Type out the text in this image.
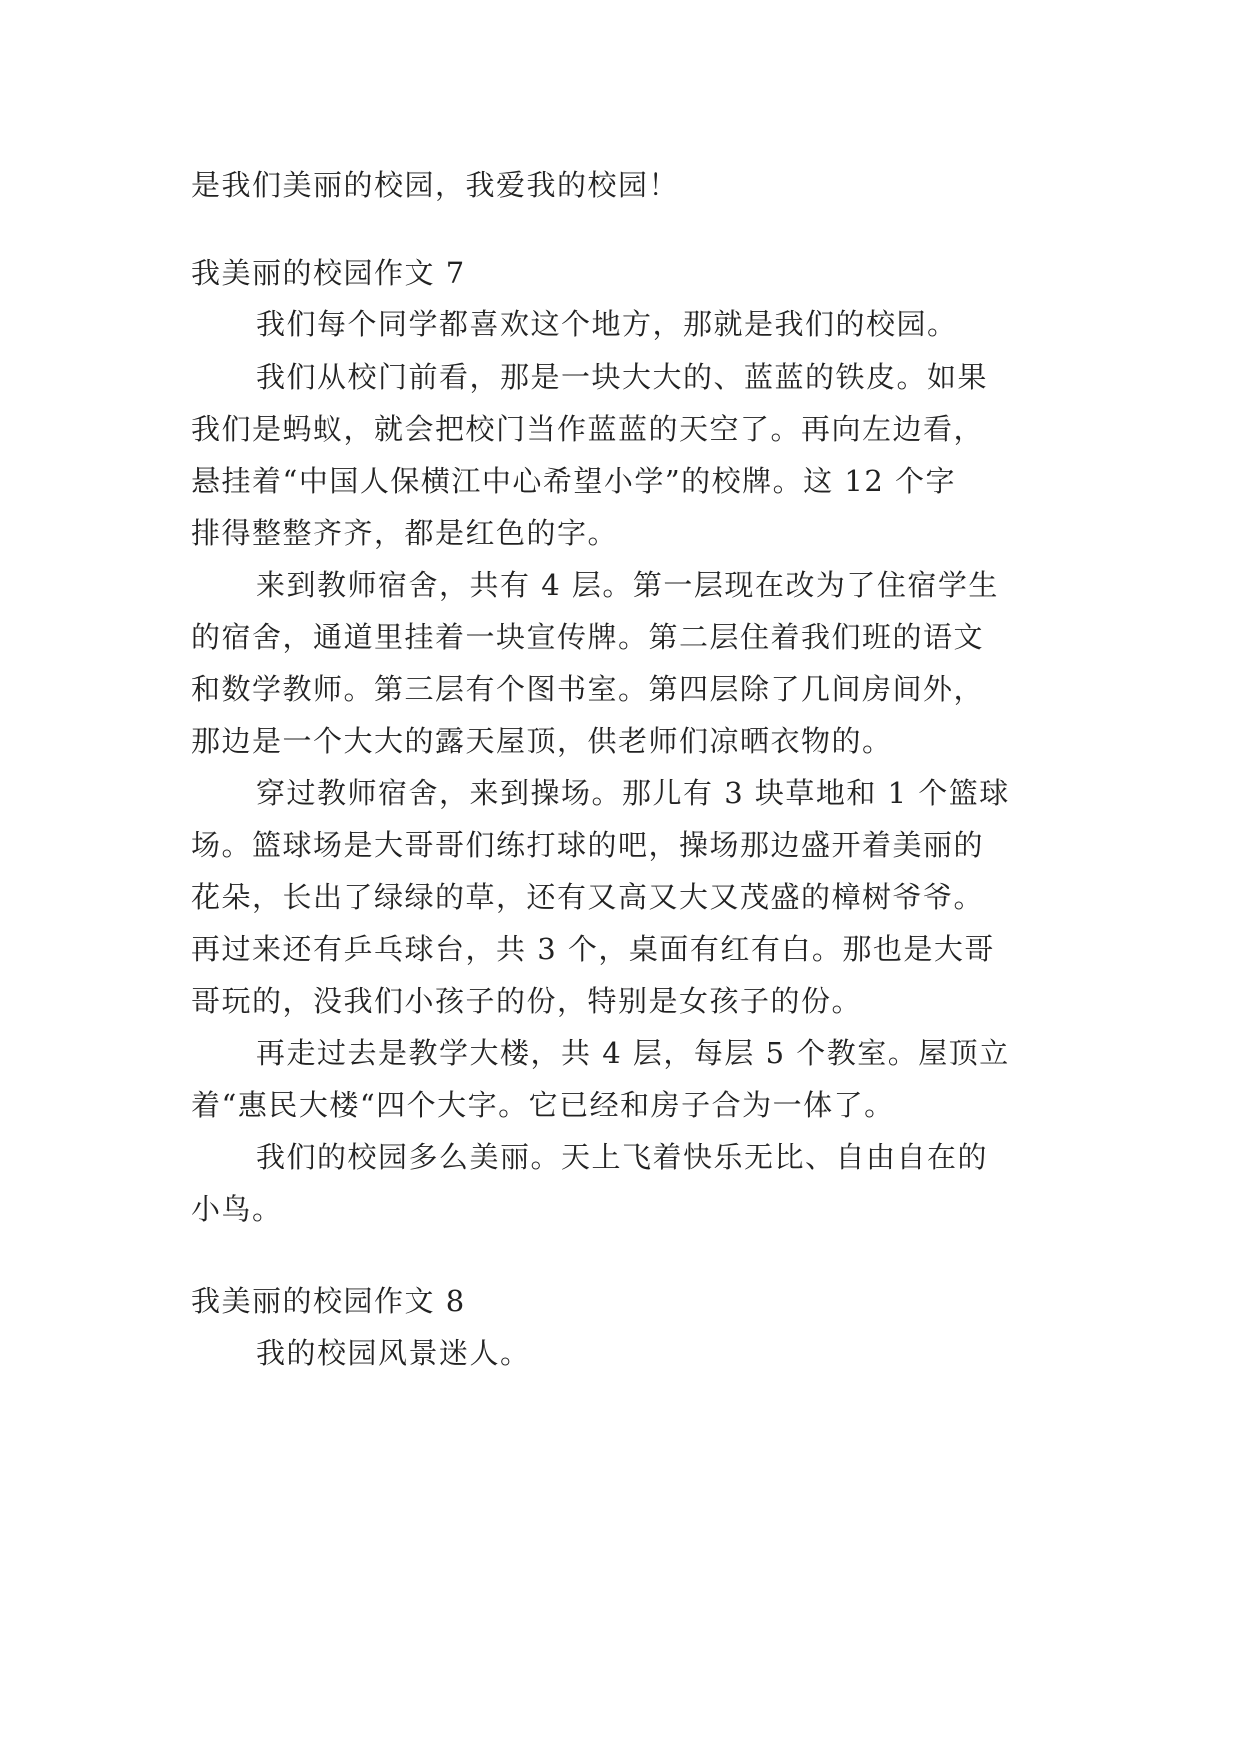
是我们美丽的校园，我爱我的校园！
我美丽的校园作文 7
我们每个同学都喜欢这个地方，那就是我们的校园。
我们从校门前看，那是一块大大的、蓝蓝的铁皮。如果
我们是蚂蚁，就会把校门当作蓝蓝的天空了。再向左边看，
悬挂着“中国人保横江中心希望小学”的校牌。这 12 个字
排得整整齐齐，都是红色的字。
来到教师宿舍，共有 4 层。第一层现在改为了住宿学生
的宿舍，通道里挂着一块宣传牌。第二层住着我们班的语文
和数学教师。第三层有个图书室。第四层除了几间房间外，
那边是一个大大的露天屋顶，供老师们凉晒衣物的。
穿过教师宿舍，来到操场。那儿有 3 块草地和 1 个篮球
场。篮球场是大哥哥们练打球的吧，操场那边盛开着美丽的
花朵，长出了绿绿的草，还有又高又大又茂盛的樟树爷爷。
再过来还有乒乓球台，共 3 个，桌面有红有白。那也是大哥
哥玩的，没我们小孩子的份，特别是女孩子的份。
再走过去是教学大楼，共 4 层，每层 5 个教室。屋顶立
着“惠民大楼“四个大字。它已经和房子合为一体了。
我们的校园多么美丽。天上飞着快乐无比、自由自在的
小鸟。
我美丽的校园作文 8
我的校园风景迷人。
